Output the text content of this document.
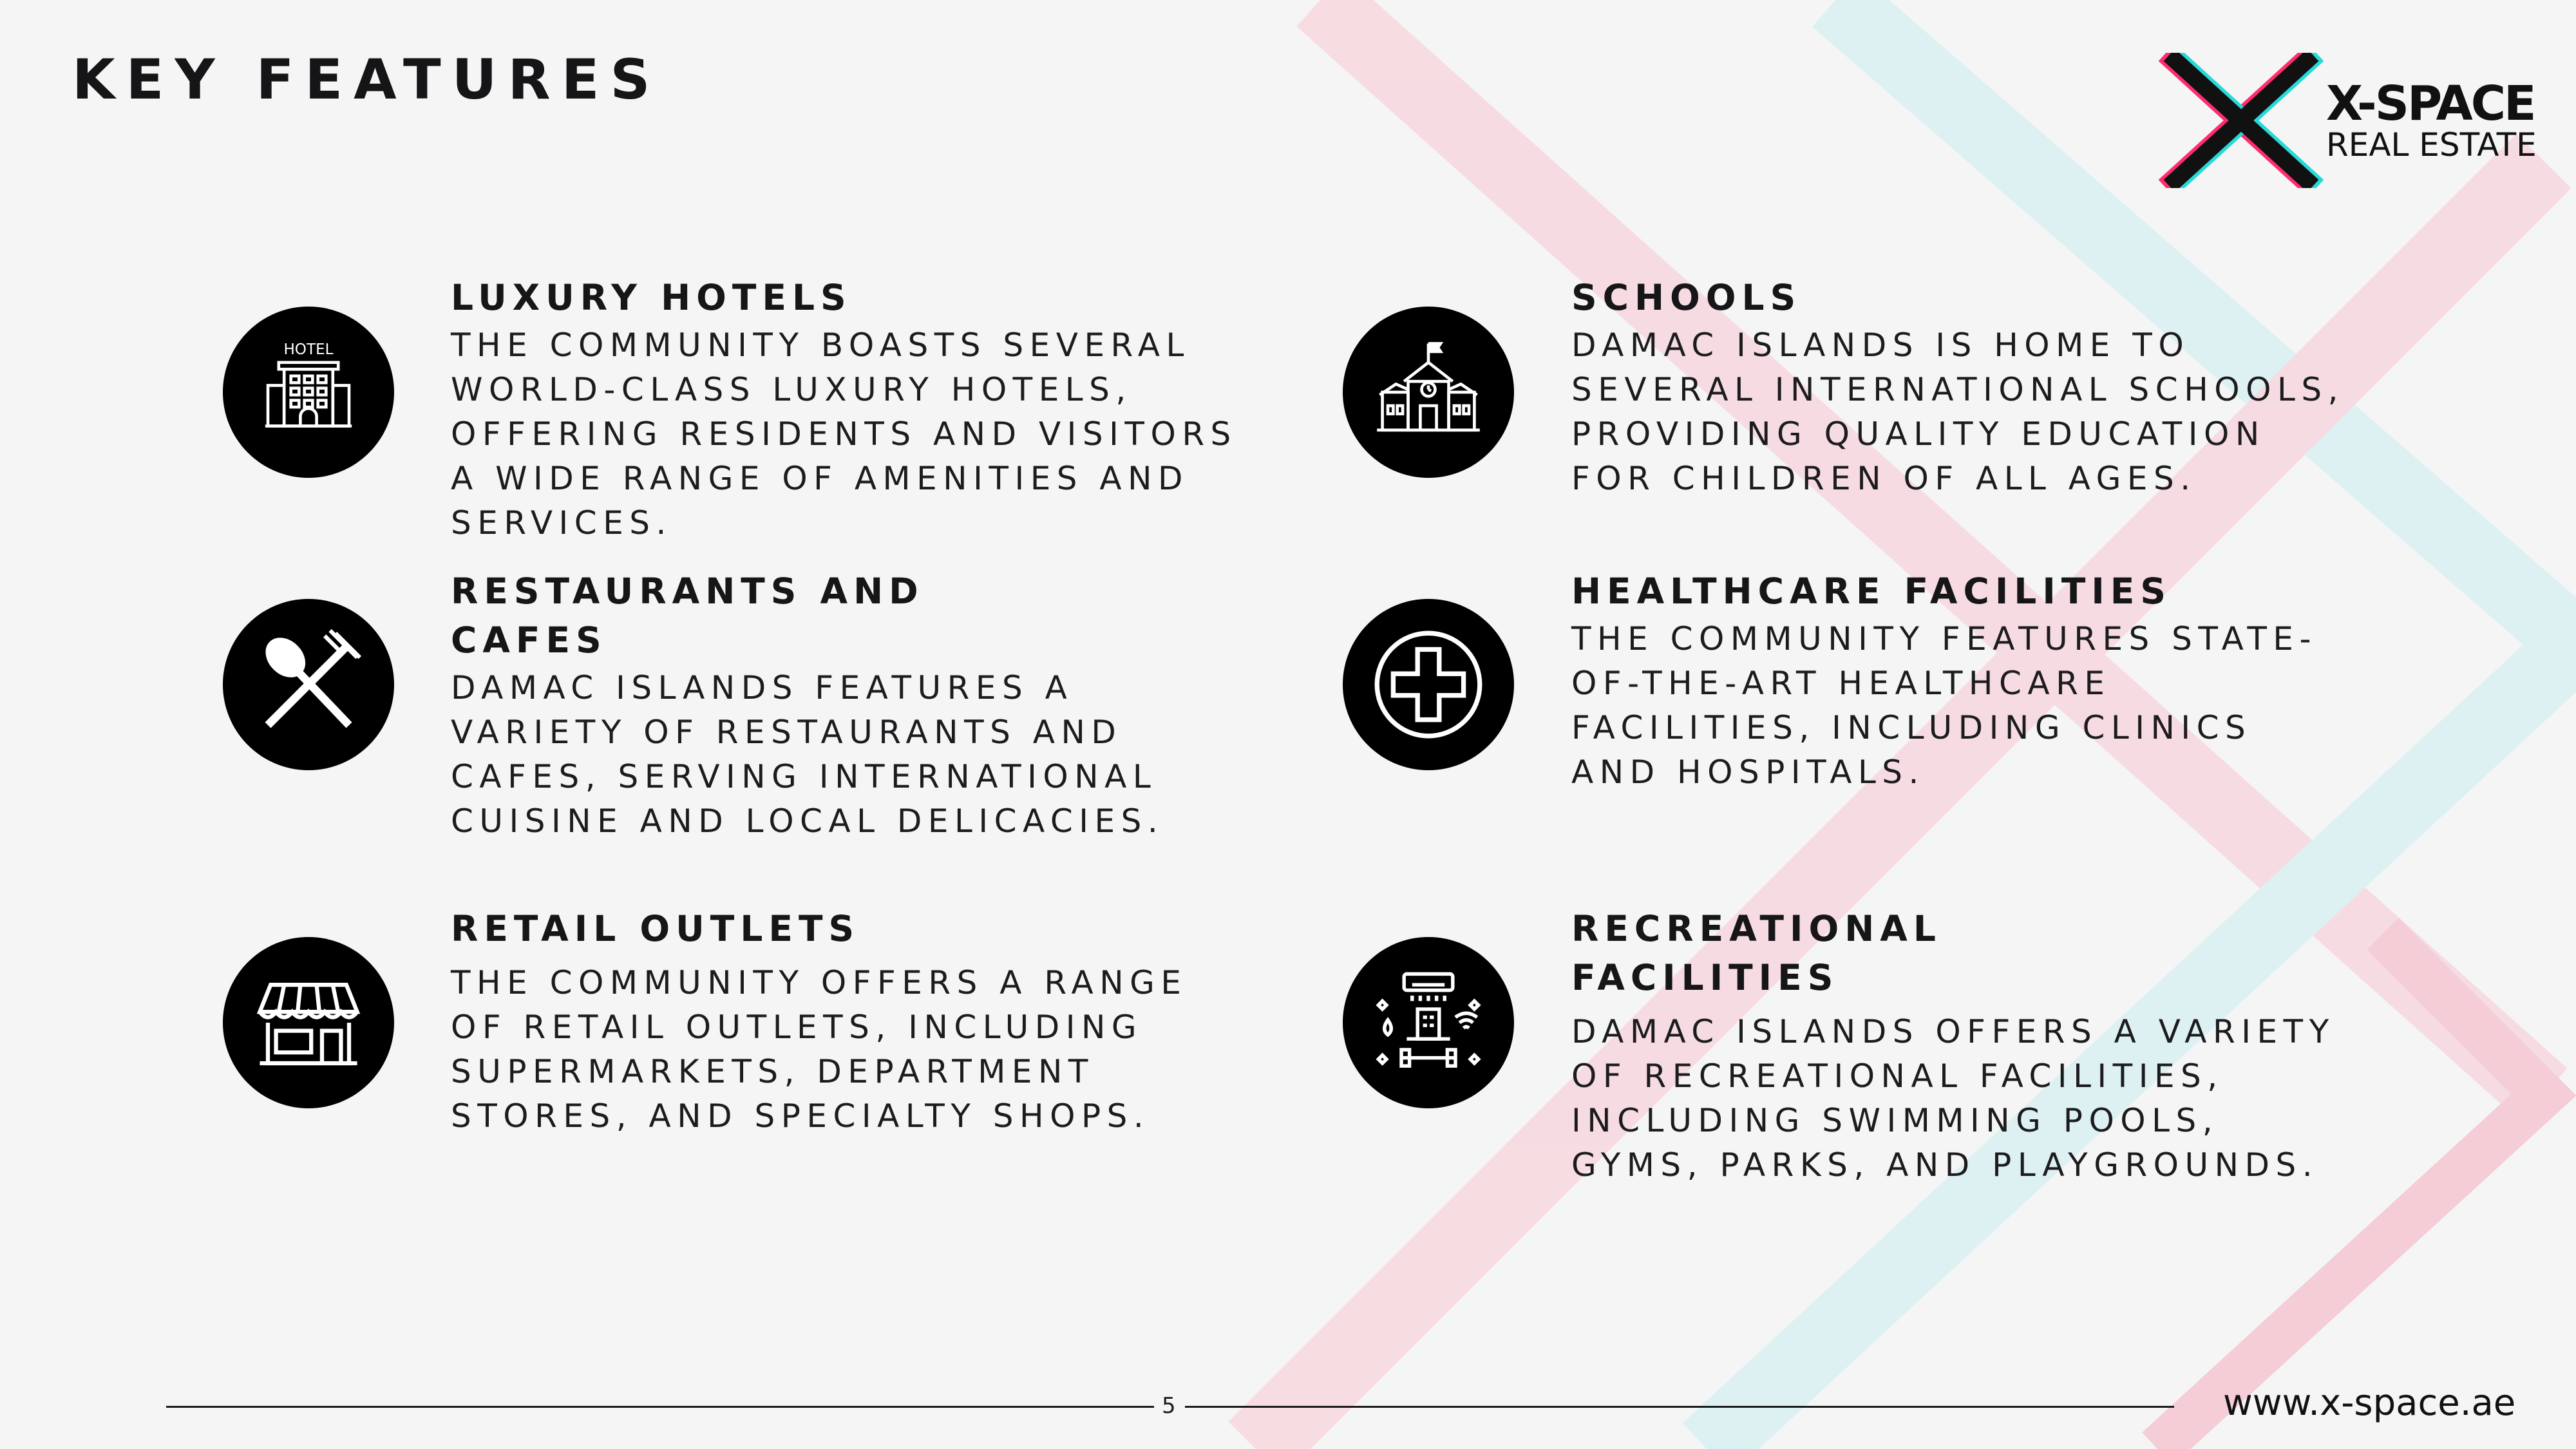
KEY FEATURES	X-SPACE
REAL ESTATE
HOTEL
LUXURY HOTELS
THE COMMUNITY BOASTS SEVERAL
WORLD-CLASS LUXURY HOTELS,
OFFERING RESIDENTS AND VISITORS
A WIDE RANGE OF AMENITIES AND
SERVICES.
SCHOOLS
DAMAC ISLANDS IS HOME TO
SEVERAL INTERNATIONAL SCHOOLS,
PROVIDING QUALITY EDUCATION
FOR CHILDREN OF ALL AGES.
RESTAURANTS AND
CAFES
DAMAC ISLANDS FEATURES A
VARIETY OF RESTAURANTS AND
CAFES, SERVING INTERNATIONAL
CUISINE AND LOCAL DELICACIES.
HEALTHCARE FACILITIES
THE COMMUNITY FEATURES STATE-
OF-THE-ART HEALTHCARE
FACILITIES, INCLUDING CLINICS
AND HOSPITALS.
RETAIL OUTLETS
THE COMMUNITY OFFERS A RANGE
OF RETAIL OUTLETS, INCLUDING
SUPERMARKETS, DEPARTMENT
STORES, AND SPECIALTY SHOPS.
RECREATIONAL FACILITIES
DAMAC ISLANDS OFFERS A VARIETY
OF RECREATIONAL FACILITIES,
INCLUDING SWIMMING POOLS,
GYMS, PARKS, AND PLAYGROUNDS.
5	www.x-space.ae
